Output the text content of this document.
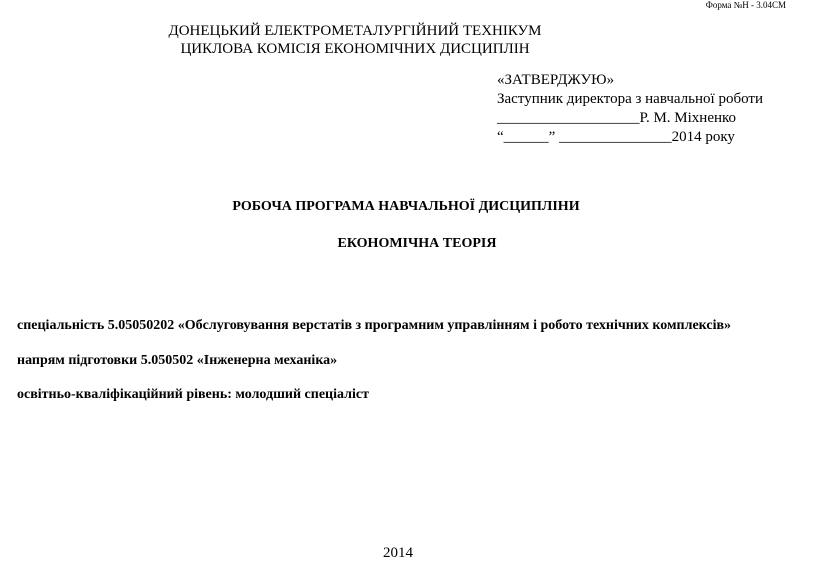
Форма №Н - 3.04СМ
ДОНЕЦЬКИЙ ЕЛЕКТРОМЕТАЛУРГІЙНИЙ ТЕХНІКУМ
ЦИКЛОВА КОМІСІЯ ЕКОНОМІЧНИХ ДИСЦИПЛІН
«ЗАТВЕРДЖУЮ»
Заступник директора з навчальної роботи
___________________Р. М. Міхненко
“______” _______________2014 року
РОБОЧА ПРОГРАМА НАВЧАЛЬНОЇ ДИСЦИПЛІНИ
ЕКОНОМІЧНА ТЕОРІЯ
спеціальність 5.05050202 «Обслуговування верстатів з програмним управлінням і робото технічних комплексів»
напрям підготовки 5.050502 «Інженерна механіка»
освітньо-кваліфікаційний рівень: молодший спеціаліст
2014
